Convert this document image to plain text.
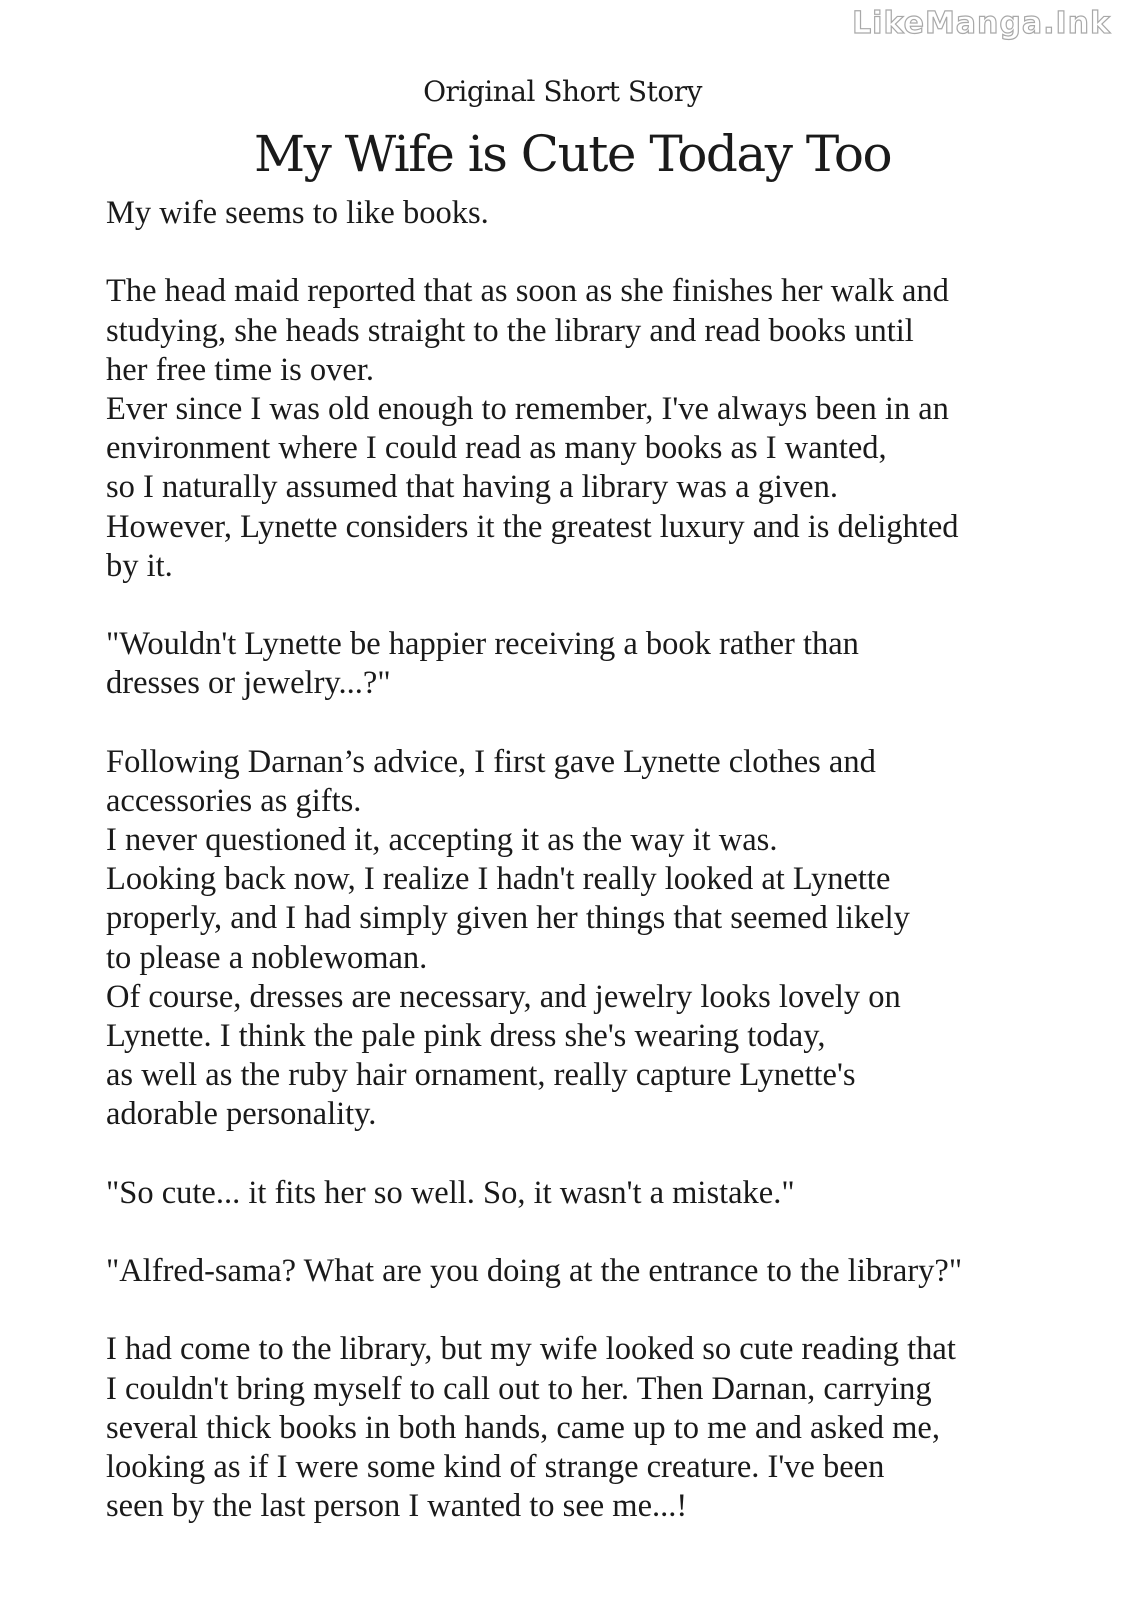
LikeManga.Ink

Original Short Story

My Wife is Cute Today Too
My wife seems to like books.
The head maid reported that as soon as she finishes her walk and
studying, she heads straight to the library and read books until
her free time is over.
Ever since I was old enough to remember, I've always been in an
environment where I could read as many books as I wanted,
so I naturally assumed that having a library was a given.
However, Lynette considers it the greatest luxury and is delighted
by it.
"Wouldn't Lynette be happier receiving a book rather than
dresses or jewelry...?"
Following Darnan’s advice, I first gave Lynette clothes and
accessories as gifts.
I never questioned it, accepting it as the way it was.
Looking back now, I realize I hadn't really looked at Lynette
properly, and I had simply given her things that seemed likely
to please a noblewoman.
Of course, dresses are necessary, and jewelry looks lovely on
Lynette. I think the pale pink dress she's wearing today,
as well as the ruby hair ornament, really capture Lynette's
adorable personality.
"So cute... it fits her so well. So, it wasn't a mistake."
"Alfred-sama? What are you doing at the entrance to the library?"
I had come to the library, but my wife looked so cute reading that
I couldn't bring myself to call out to her. Then Darnan, carrying
several thick books in both hands, came up to me and asked me,
looking as if I were some kind of strange creature. I've been
seen by the last person I wanted to see me...!
